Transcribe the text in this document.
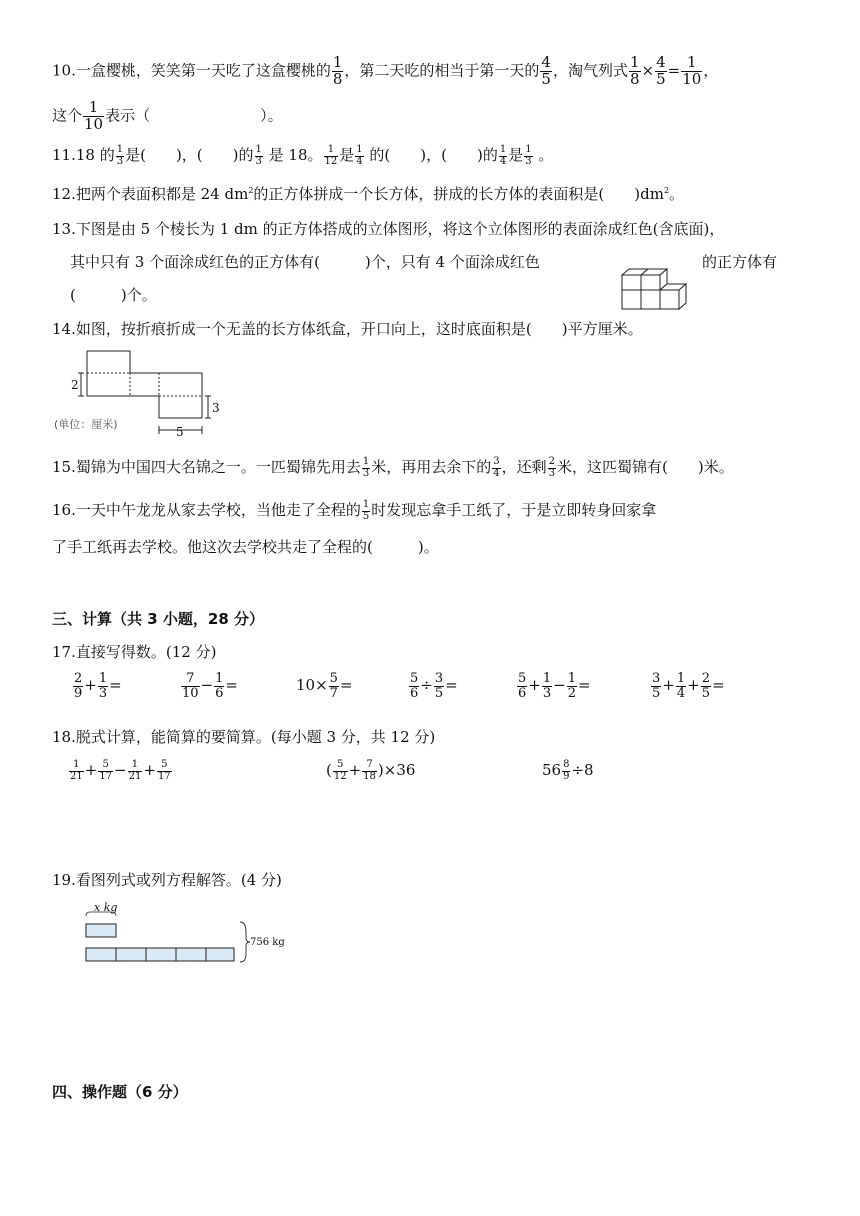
10.一盒樱桃，笑笑第一天吃了这盒樱桃的 $\frac{1}{8}$ ，第二天吃的相当于第一天的 $\frac{4}{5}$ ，淘气列式 $\frac{1}{8} \times \frac{4}{5} = \frac{1}{10}$ ，
这个 $\frac{1}{10}$ 表示（	）。
11.18 的 $\frac{1}{3}$ 是(　　)，(　　)的 $\frac{1}{3}$ 是 18。 $\frac{1}{12}$ 是 $\frac{1}{4}$ 的(　　)，(　　)的 $\frac{1}{4}$ 是 $\frac{1}{3}$ 。
12.把两个表面积都是 24 $dm^2$的正方体拼成一个长方体，拼成的长方体的表面积是(　　)$dm^2$。
13.下图是由 5 个棱长为 1 dm 的正方体搭成的立体图形，将这个立体图形的表面涂成红色(含底面)，
其中只有 3 个面涂成红色的正方体有(　　　)个，只有 4 个面涂成红色	的正方体有
(　　　)个。
14.如图，按折痕折成一个无盖的长方体纸盒，开口向上，这时底面积是(　　)平方厘米。
2
3
5
(单位：厘米)
15.蜀锦为中国四大名锦之一。一匹蜀锦先用去 $\frac{1}{3}$ 米，再用去余下的 $\frac{3}{4}$ ，还剩 $\frac{2}{3}$ 米，这匹蜀锦有(　　)米。
16.一天中午龙龙从家去学校，当他走了全程的 $\frac{1}{5}$ 时发现忘拿手工纸了，于是立即转身回家拿
了手工纸再去学校。他这次去学校共走了全程的(　　　)。
三、计算（共 3 小题，28 分）
17.直接写得数。(12 分)
$\frac{2}{9} + \frac{1}{3}$ =	$\frac{7}{10} - \frac{1}{6}$ =	$10\times \frac{5}{7}$ =	$\frac{5}{6} \div \frac{3}{5}$ =	$\frac{5}{6} + \frac{1}{3} - \frac{1}{2}$ =	$\frac{3}{5} + \frac{1}{4} + \frac{2}{5}$ =
18.脱式计算，能简算的要简算。(每小题 3 分，共 12 分)
$\frac{1}{21} + \frac{5}{17} - \frac{1}{21} + \frac{5}{17}$	( $\frac{5}{12} + \frac{7}{18} )\times 36$	$56 \frac{8}{9} \div 8$
19.看图列式或列方程解答。(4 分)
x kg
756 kg
四、操作题（6 分）
